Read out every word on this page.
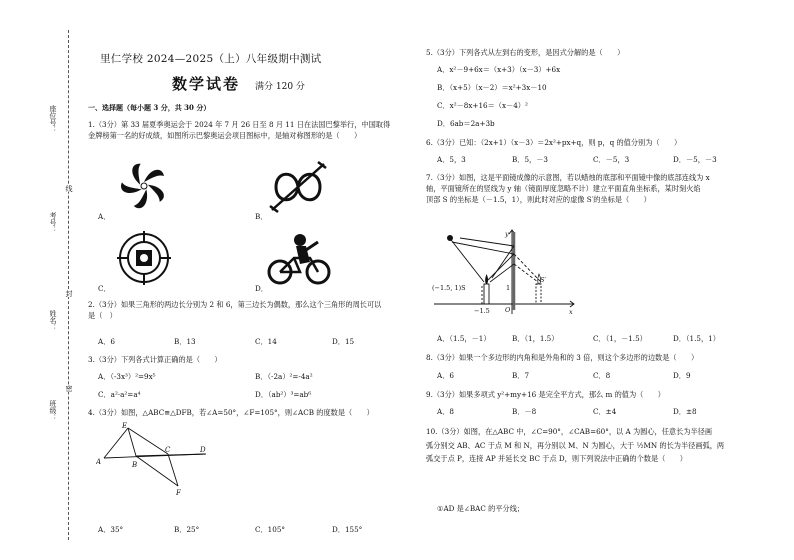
座位号：
考号：
姓名：
班级：
线
封
密
里仁学校 2024—2025（上）八年级期中测试
数学试卷 满分 120 分
一、选择题（每小题 3 分，共 30 分）
1.（3分）第 33 届夏季奥运会于 2024 年 7 月 26 日至 8 月 11 日在法国巴黎举行，中国取得
金牌榜第一名的好成绩，如图所示巴黎奥运会项目图标中，是轴对称图形的是（　　）
A．	B．
C．	D．
2.（3分）如果三角形的两边长分别为 2 和 6，第三边长为偶数，那么这个三角形的周长可以
是（　）
A．6	B．13	C．14	D．15
3.（3分）下列各式计算正确的是（　　）
A．（-3x³）²=9x⁵	B．（-2a）²=-4a²
C．a²·a²=a⁴	D．（ab²）³=ab⁶
4.（3分）如图，△ABC≌△DFB，若∠A=50°，∠F=105°，则∠ACB 的度数是（　　）
E
A
C	D
B
F
A．35°	B．25°	C．105°	D．155°
5.（3分）下列各式从左到右的变形，是因式分解的是（　　）
A．x²－9+6x＝（x+3）（x－3）+6x
B．（x+5）（x－2）＝x²+3x－10
C．x²－8x+16＝（x－4）²
D．6ab＝2a+3b
6.（3分）已知：（2x+1）（x－3）＝2x²+px+q，则 p，q 的值分别为（　　）
A．5，3	B．5，－3	C．－5，3	D．－5，－3
7.（3分）如图，这是平面镜成像的示意图，若以蜡烛的底部和平面镜中像的底部连线为 x
轴，平面镜所在的竖线为 y 轴（镜面厚度忽略不计）建立平面直角坐标系，某时刻火焰
顶部 S 的坐标是（－1.5，1），则此时对应的虚像 S′的坐标是（　　）
(−1.5, 1)S
y
S′
1
−1.5 O	x
A．（1.5，－1）	B．（1，1.5）	C．（1，－1.5）	D．（1.5，1）
8.（3分）如果一个多边形的内角和是外角和的 3 倍，则这个多边形的边数是（　　）
A．6	B．7	C．8	D．9
9.（3分）如果多项式 y²+my+16 是完全平方式，那么 m 的值为（　　）
A．8	B．－8	C．±4	D．±8
10.（3分）如图，在△ABC 中，∠C=90°，∠CAB=60°，以 A 为圆心，任意长为半径画
弧分别交 AB、AC 于点 M 和 N，再分别以 M、N 为圆心，大于 ½MN 的长为半径画弧，两
弧交于点 P，连接 AP 并延长交 BC 于点 D，则下列说法中正确的个数是（　　）
①AD 是∠BAC 的平分线；
